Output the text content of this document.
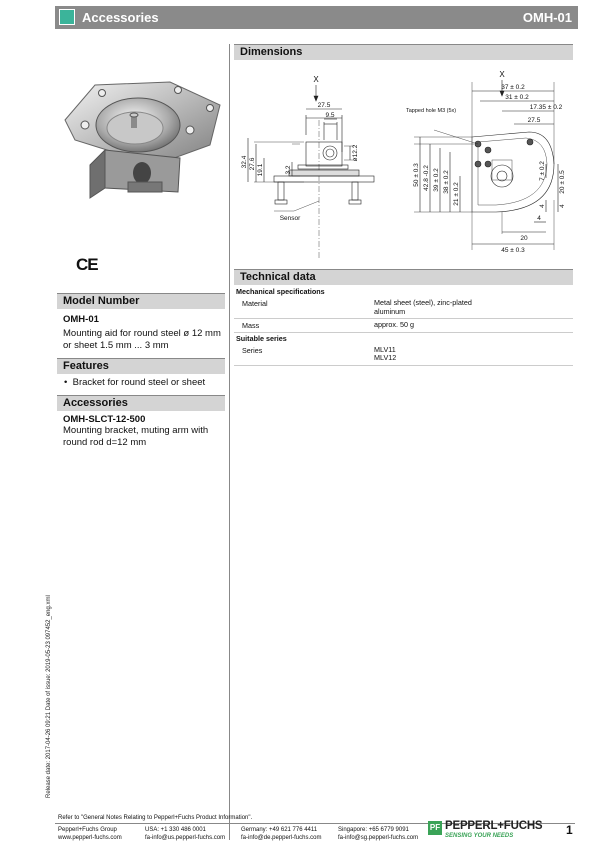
Accessories	OMH-01
CE
Model Number
OMH-01
Mounting aid for round steel ø 12 mm or sheet 1.5 mm ... 3 mm
Features
•  Bracket for round steel or sheet
Accessories
OMH-SLCT-12-500
Mounting bracket, muting arm with round rod d=12 mm
Dimensions
X
27.5
9.5
32.4 27.6 19.1	3.2
ø12.2
Sensor
X
Tapped hole M3 (5x)
37 ± 0.2
31 ± 0.2
17.35 ± 0.2
27.5
50 ± 0.3 42.8 -0.2 39 ± 0.2 38 ± 0.2
21 ± 0.2
7 ± 0.2 20 ± 0.5
4 4
4
20
45 ± 0.3
Technical data
Mechanical specifications
Material	Metal sheet (steel), zinc-plated aluminum
Mass	approx. 50 g
Suitable series
Series	MLV11
MLV12
Release date: 2017-04-26 09:21 Date of issue: 2019-05-23 097452_eng.xml
Refer to "General Notes Relating to Pepperl+Fuchs Product Information".
Pepperl+Fuchs Group
www.pepperl-fuchs.com
USA: +1 330 486 0001
fa-info@us.pepperl-fuchs.com
Germany: +49 621 776 4411
fa-info@de.pepperl-fuchs.com
Singapore: +65 6779 9091
fa-info@sg.pepperl-fuchs.com
PF PEPPERL+FUCHS
SENSING YOUR NEEDS	1
